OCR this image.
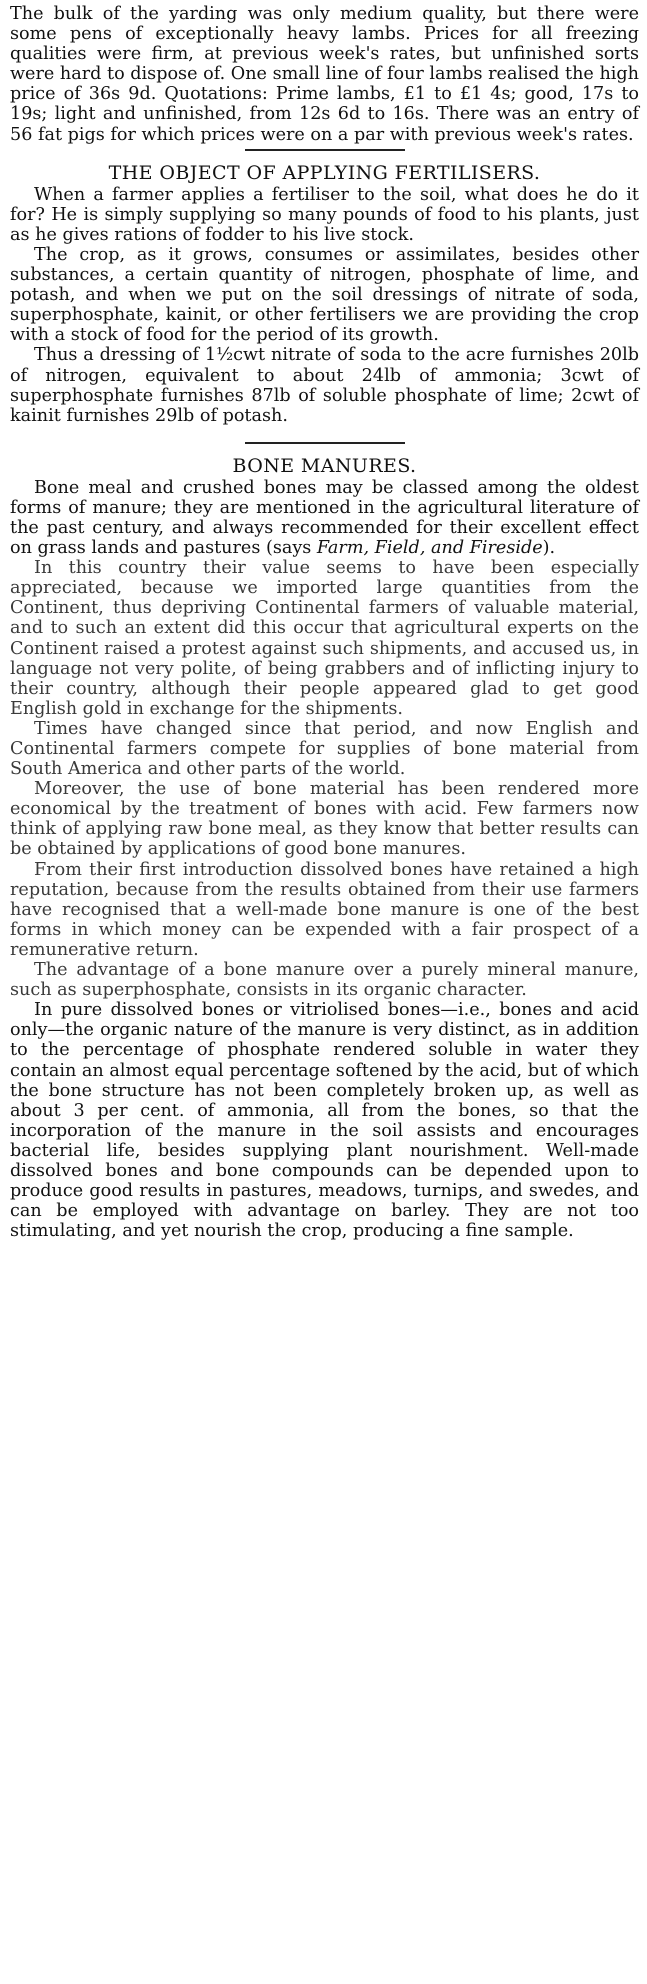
The bulk of the yarding was only medium quality, but there were some pens of exceptionally heavy lambs. Prices for all freezing qualities were firm, at previous week's rates, but unfinished sorts were hard to dispose of. One small line of four lambs realised the high price of 36s 9d. Quotations: Prime lambs, £1 to £1 4s; good, 17s to 19s; light and unfinished, from 12s 6d to 16s. There was an entry of 56 fat pigs for which prices were on a par with previous week's rates.

THE OBJECT OF APPLYING FERTILISERS.

When a farmer applies a fertiliser to the soil, what does he do it for? He is simply supplying so many pounds of food to his plants, just as he gives rations of fodder to his live stock.

The crop, as it grows, consumes or assimilates, besides other substances, a certain quantity of nitrogen, phosphate of lime, and potash, and when we put on the soil dressings of nitrate of soda, superphosphate, kainit, or other fertilisers we are providing the crop with a stock of food for the period of its growth.

Thus a dressing of 1½cwt nitrate of soda to the acre furnishes 20lb of nitrogen, equivalent to about 24lb of ammonia; 3cwt of superphosphate furnishes 87lb of soluble phosphate of lime; 2cwt of kainit furnishes 29lb of potash.

BONE MANURES.

Bone meal and crushed bones may be classed among the oldest forms of manure; they are mentioned in the agricultural literature of the past century, and always recommended for their excellent effect on grass lands and pastures (says Farm, Field, and Fireside).

In this country their value seems to have been especially appreciated, because we imported large quantities from the Continent, thus depriving Continental farmers of valuable material, and to such an extent did this occur that agricultural experts on the Continent raised a protest against such shipments, and accused us, in language not very polite, of being grabbers and of inflicting injury to their country, although their people appeared glad to get good English gold in exchange for the shipments.

Times have changed since that period, and now English and Continental farmers compete for supplies of bone material from South America and other parts of the world.

Moreover, the use of bone material has been rendered more economical by the treatment of bones with acid. Few farmers now think of applying raw bone meal, as they know that better results can be obtained by applications of good bone manures.

From their first introduction dissolved bones have retained a high reputation, because from the results obtained from their use farmers have recognised that a well-made bone manure is one of the best forms in which money can be expended with a fair prospect of a remunerative return.

The advantage of a bone manure over a purely mineral manure, such as superphosphate, consists in its organic character.

In pure dissolved bones or vitriolised bones—i.e., bones and acid only—the organic nature of the manure is very distinct, as in addition to the percentage of phosphate rendered soluble in water they contain an almost equal percentage softened by the acid, but of which the bone structure has not been completely broken up, as well as about 3 per cent. of ammonia, all from the bones, so that the incorporation of the manure in the soil assists and encourages bacterial life, besides supplying plant nourishment. Well-made dissolved bones and bone compounds can be depended upon to produce good results in pastures, meadows, turnips, and swedes, and can be employed with advantage on barley. They are not too stimulating, and yet nourish the crop, producing a fine sample.
